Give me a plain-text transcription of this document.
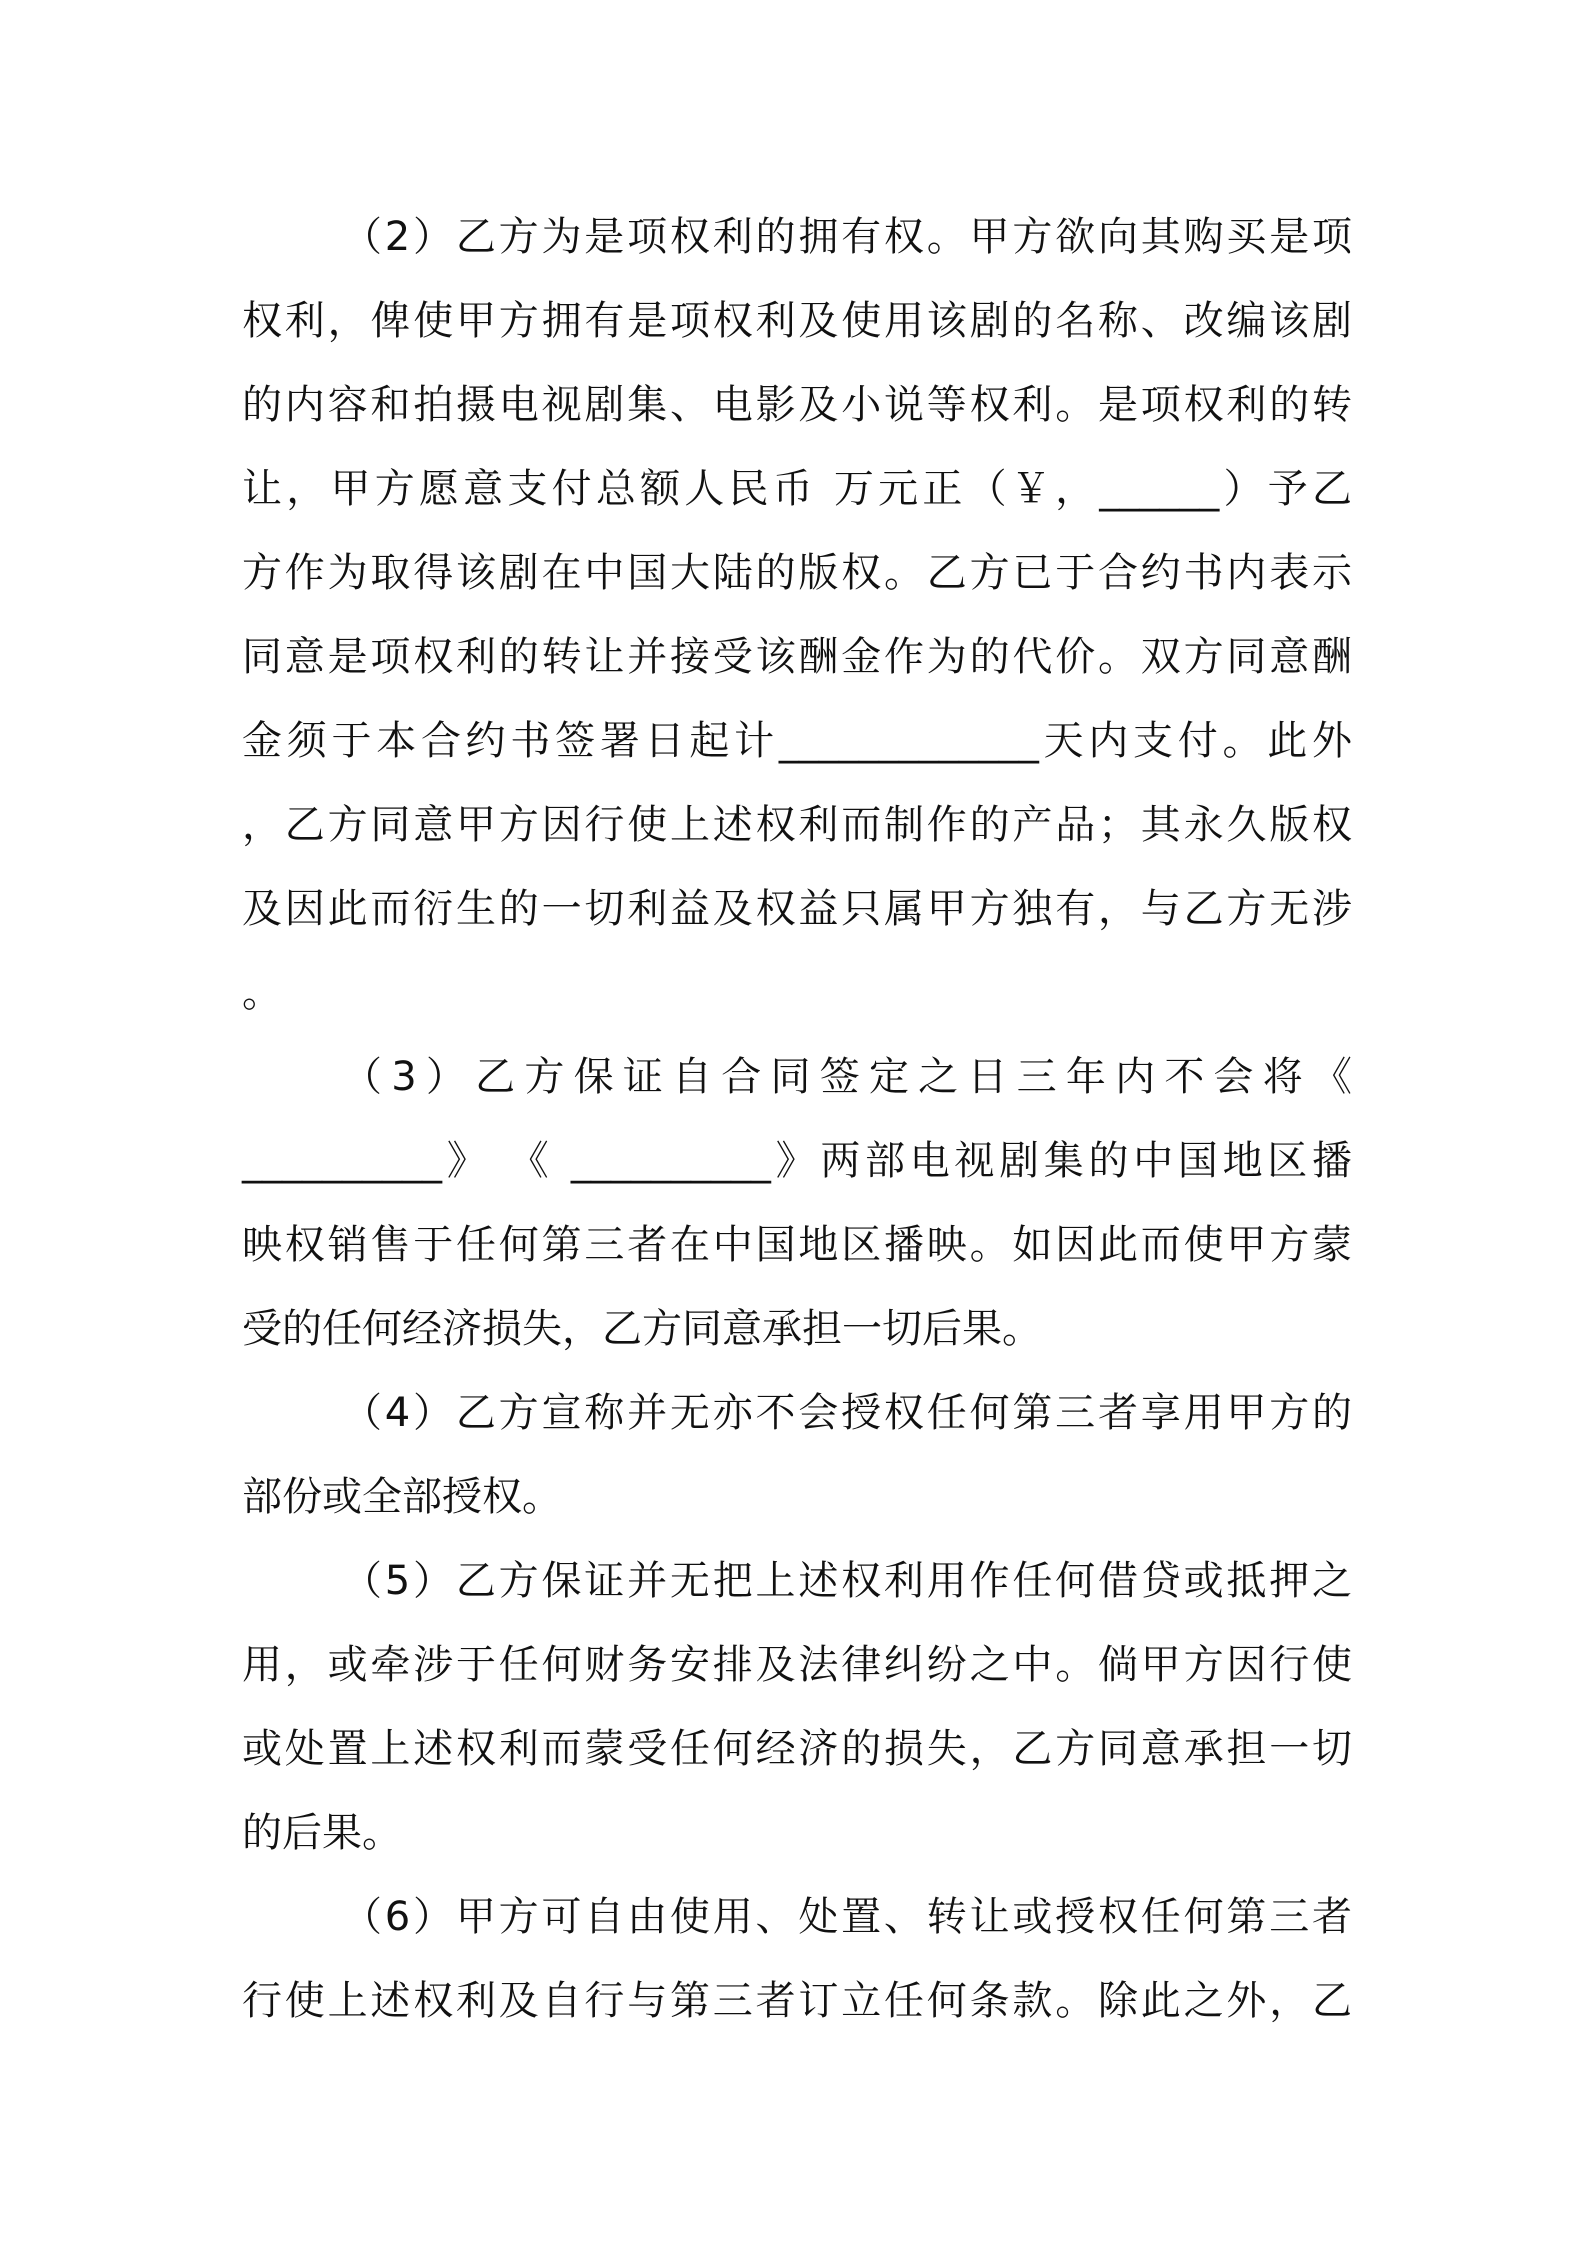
（2）乙方为是项权利的拥有权。甲方欲向其购买是项
权利，俾使甲方拥有是项权利及使用该剧的名称、改编该剧
的内容和拍摄电视剧集、电影及小说等权利。是项权利的转
让，甲方愿意支付总额人民币 万元正（￥，______）予乙
方作为取得该剧在中国大陆的版权。乙方已于合约书内表示
同意是项权利的转让并接受该酬金作为的代价。双方同意酬
金须于本合约书签署日起计_____________天内支付。此外
，乙方同意甲方因行使上述权利而制作的产品；其永久版权
及因此而衍生的一切利益及权益只属甲方独有，与乙方无涉
。
（3）乙方保证自合同签定之日三年内不会将《
__________》 《 __________》两部电视剧集的中国地区播
映权销售于任何第三者在中国地区播映。如因此而使甲方蒙
受的任何经济损失，乙方同意承担一切后果。
（4）乙方宣称并无亦不会授权任何第三者享用甲方的
部份或全部授权。
（5）乙方保证并无把上述权利用作任何借贷或抵押之
用，或牵涉于任何财务安排及法律纠纷之中。倘甲方因行使
或处置上述权利而蒙受任何经济的损失，乙方同意承担一切
的后果。
（6）甲方可自由使用、处置、转让或授权任何第三者
行使上述权利及自行与第三者订立任何条款。除此之外，乙
